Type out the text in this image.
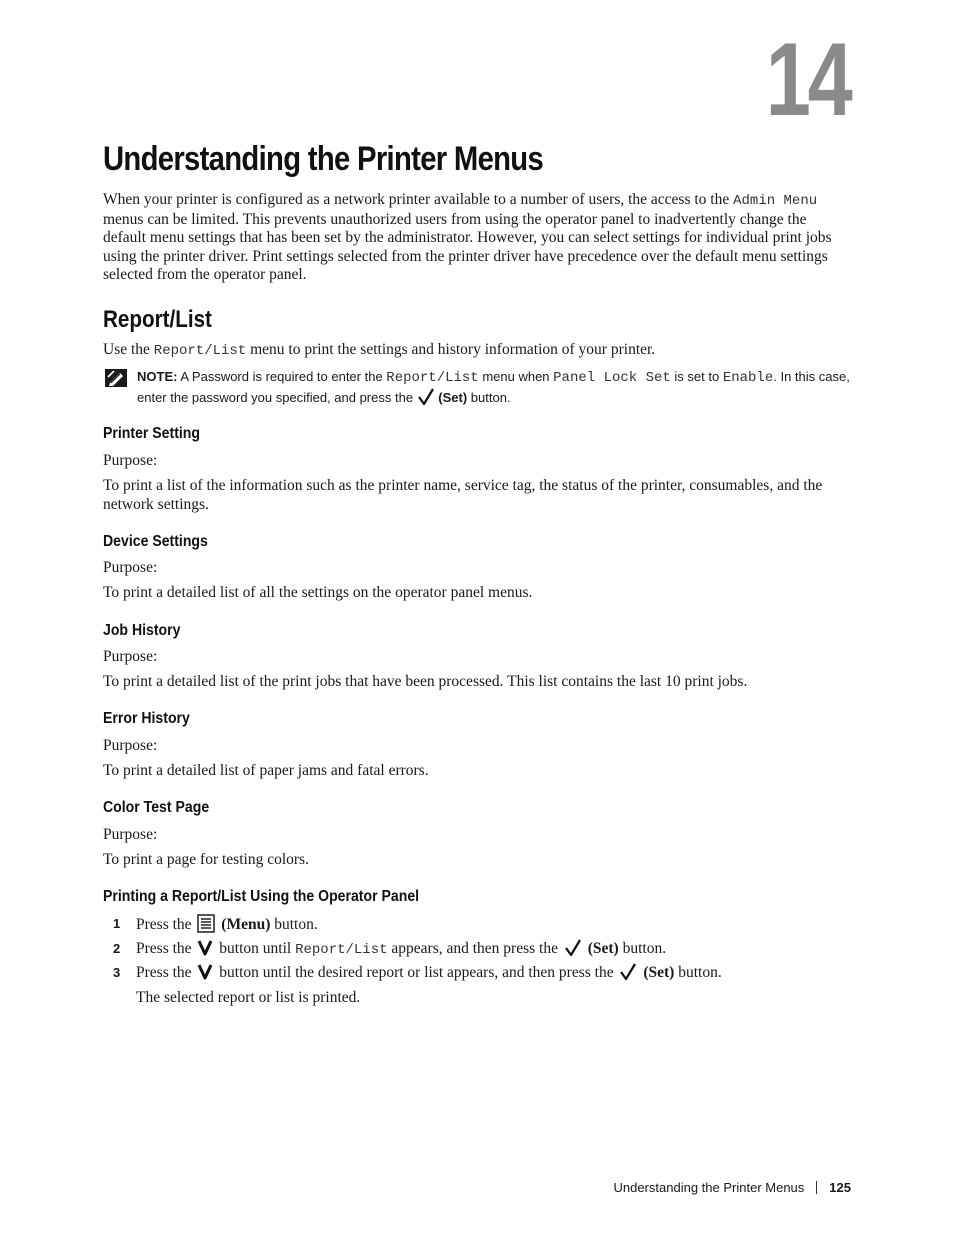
14
Understanding the Printer Menus

When your printer is configured as a network printer available to a number of users, the access to the Admin Menu menus can be limited. This prevents unauthorized users from using the operator panel to inadvertently change the default menu settings that has been set by the administrator. However, you can select settings for individual print jobs using the printer driver. Print settings selected from the printer driver have precedence over the default menu settings selected from the operator panel.

Report/List

Use the Report/List menu to print the settings and history information of your printer.

NOTE: A Password is required to enter the Report/List menu when Panel Lock Set is set to Enable. In this case, enter the password you specified, and press the  (Set) button.
Printer Setting
Purpose:

To print a list of the information such as the printer name, service tag, the status of the printer, consumables, and the network settings.

Device Settings
Purpose:

To print a detailed list of all the settings on the operator panel menus.

Job History
Purpose:

To print a detailed list of the print jobs that have been processed. This list contains the last 10 print jobs.

Error History
Purpose:

To print a detailed list of paper jams and fatal errors.

Color Test Page
Purpose:

To print a page for testing colors.

Printing a Report/List Using the Operator Panel
1 Press the  (Menu) button.
2 Press the  button until Report/List appears, and then press the  (Set) button.
3 Press the  button until the desired report or list appears, and then press the  (Set) button.

The selected report or list is printed.

Understanding the Printer Menus 125
